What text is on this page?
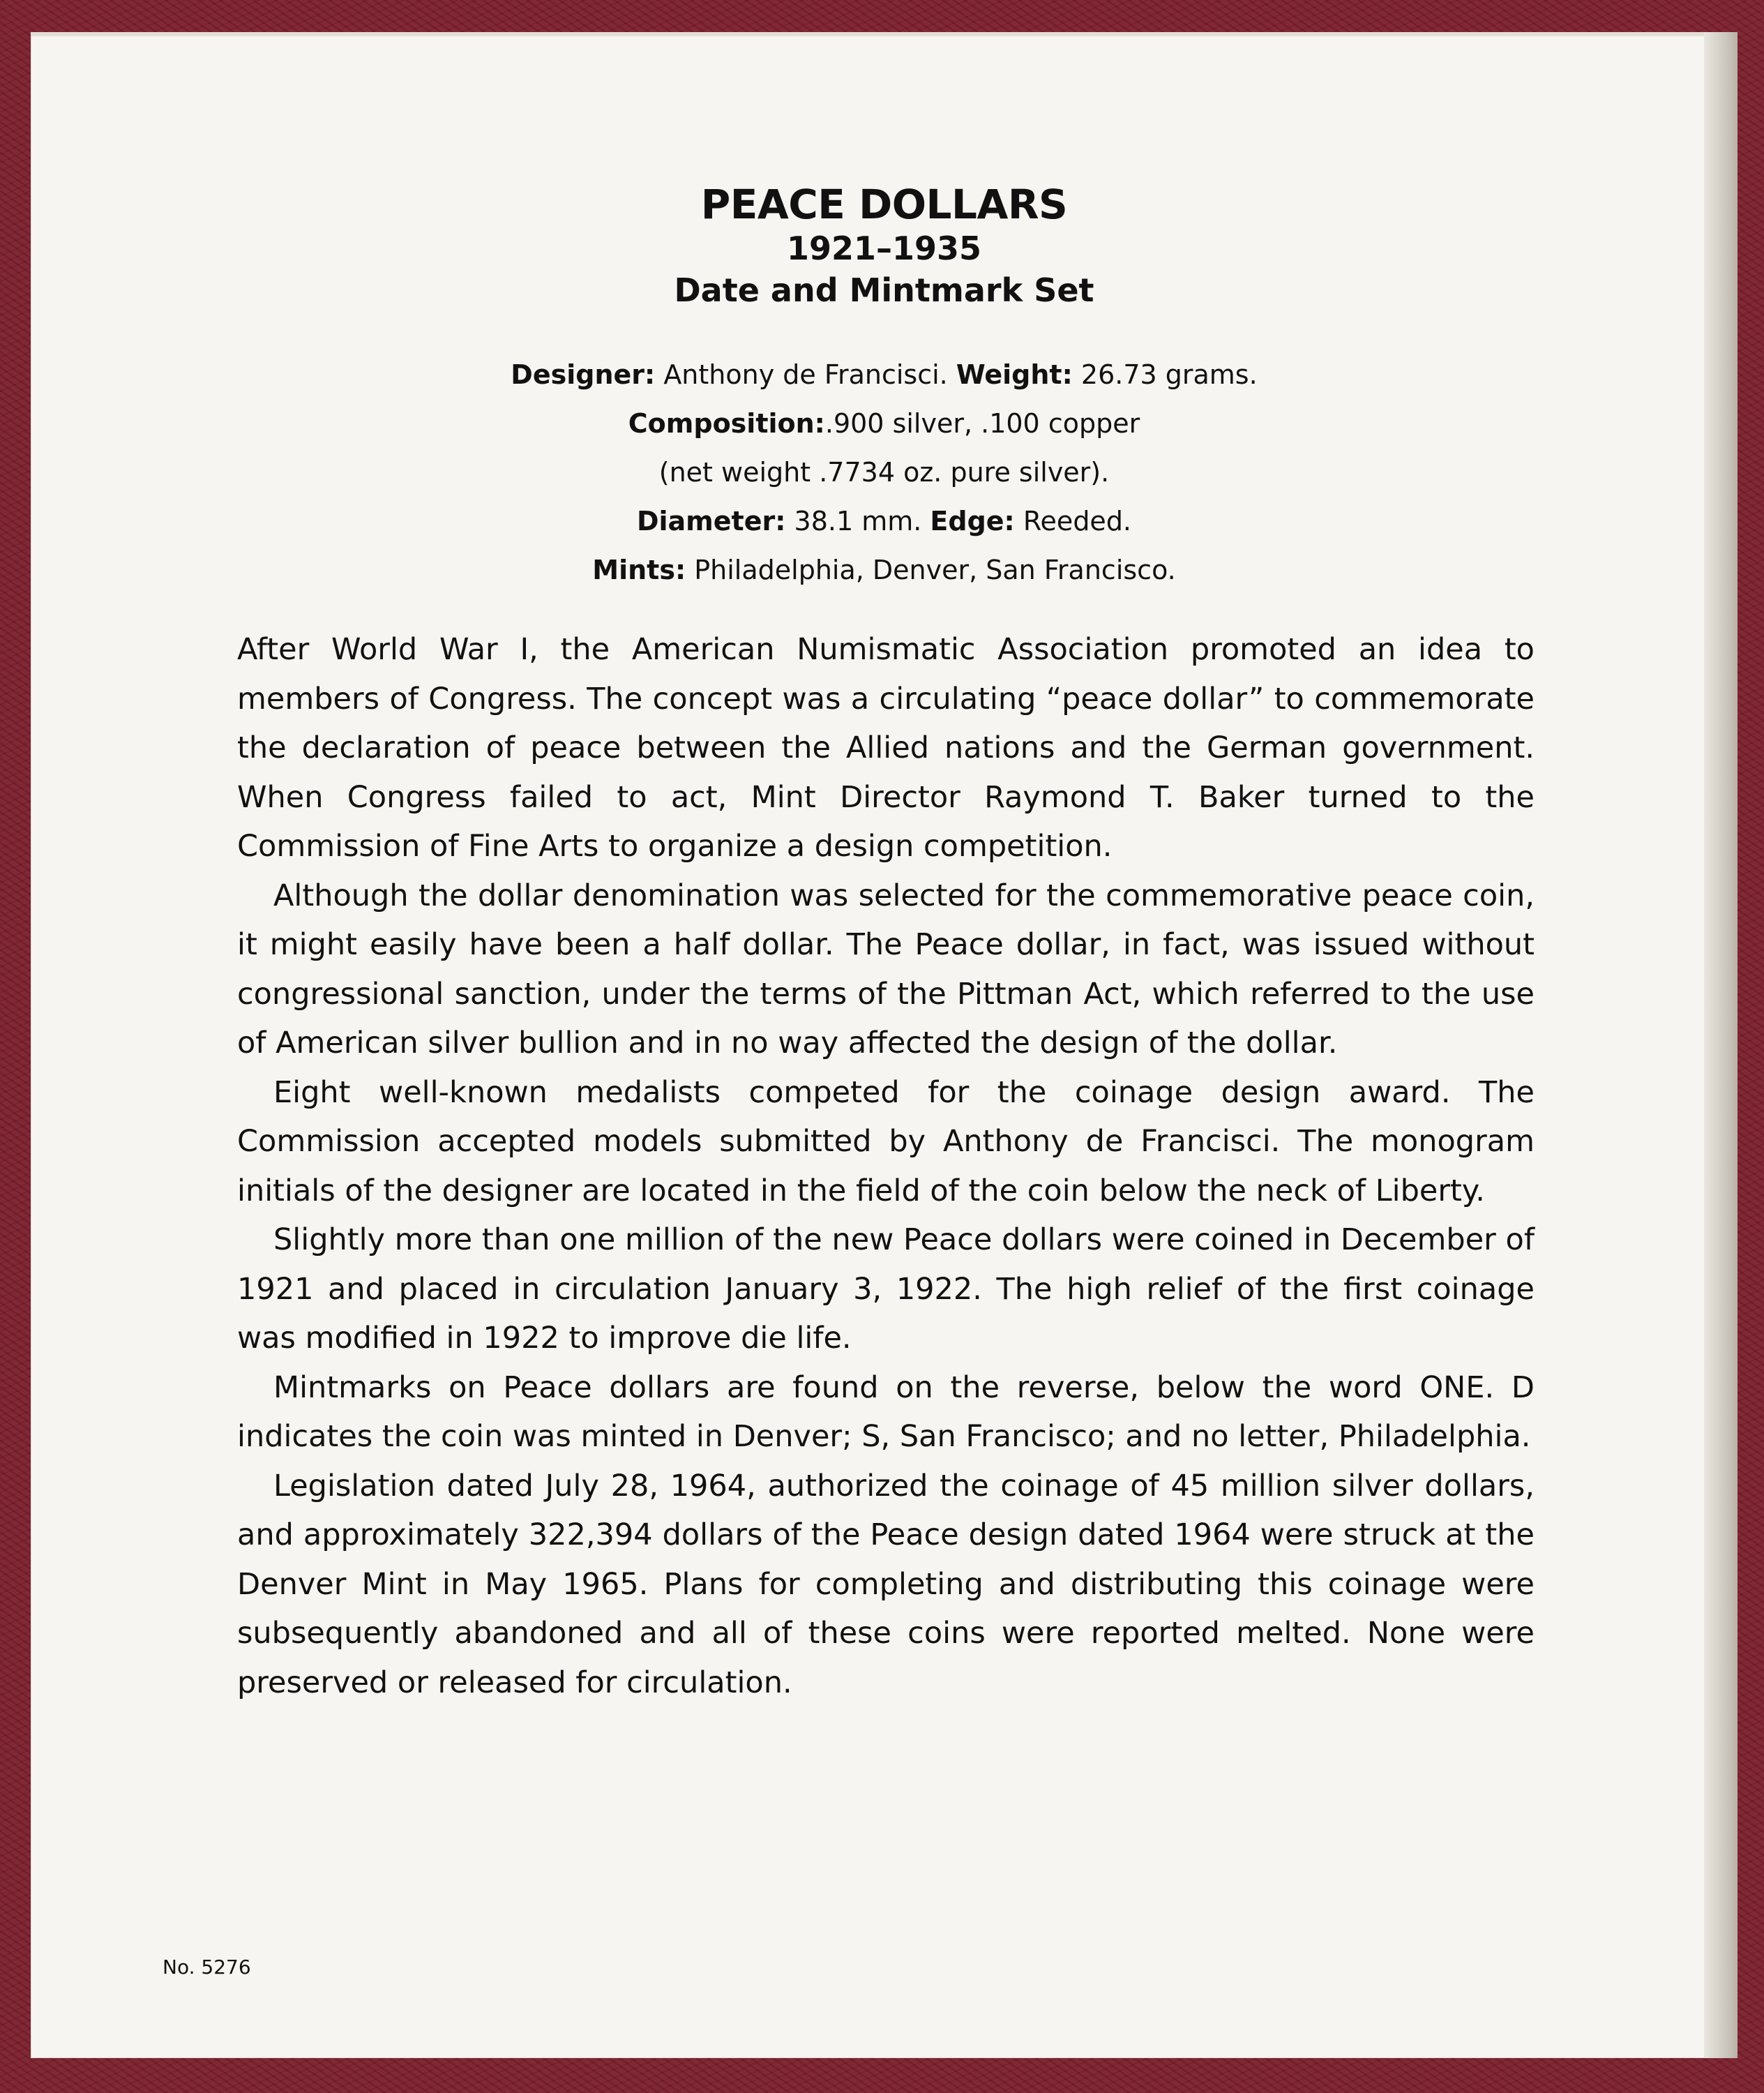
PEACE DOLLARS
1921–1935
Date and Mintmark Set
Designer: Anthony de Francisci. Weight: 26.73 grams.
Composition:.900 silver, .100 copper
(net weight .7734 oz. pure silver).
Diameter: 38.1 mm. Edge: Reeded.
Mints: Philadelphia, Denver, San Francisco.

After World War I, the American Numismatic Association promoted an idea to members of Congress. The concept was a circulating “peace dollar” to commemorate the declaration of peace between the Allied nations and the German government. When Congress failed to act, Mint Director Raymond T. Baker turned to the Commission of Fine Arts to organize a design competition.

Although the dollar denomination was selected for the commemorative peace coin, it might easily have been a half dollar. The Peace dollar, in fact, was issued without congressional sanction, under the terms of the Pittman Act, which referred to the use of American silver bullion and in no way affected the design of the dollar.

Eight well-known medalists competed for the coinage design award. The Commission accepted models submitted by Anthony de Francisci. The monogram initials of the designer are located in the field of the coin below the neck of Liberty.

Slightly more than one million of the new Peace dollars were coined in December of 1921 and placed in circulation January 3, 1922. The high relief of the first coinage was modified in 1922 to improve die life.

Mintmarks on Peace dollars are found on the reverse, below the word ONE. D indicates the coin was minted in Denver; S, San Francisco; and no letter, Philadelphia.

Legislation dated July 28, 1964, authorized the coinage of 45 million silver dollars, and approximately 322,394 dollars of the Peace design dated 1964 were struck at the Denver Mint in May 1965. Plans for completing and distributing this coinage were subsequently abandoned and all of these coins were reported melted. None were preserved or released for circulation.

No. 5276
